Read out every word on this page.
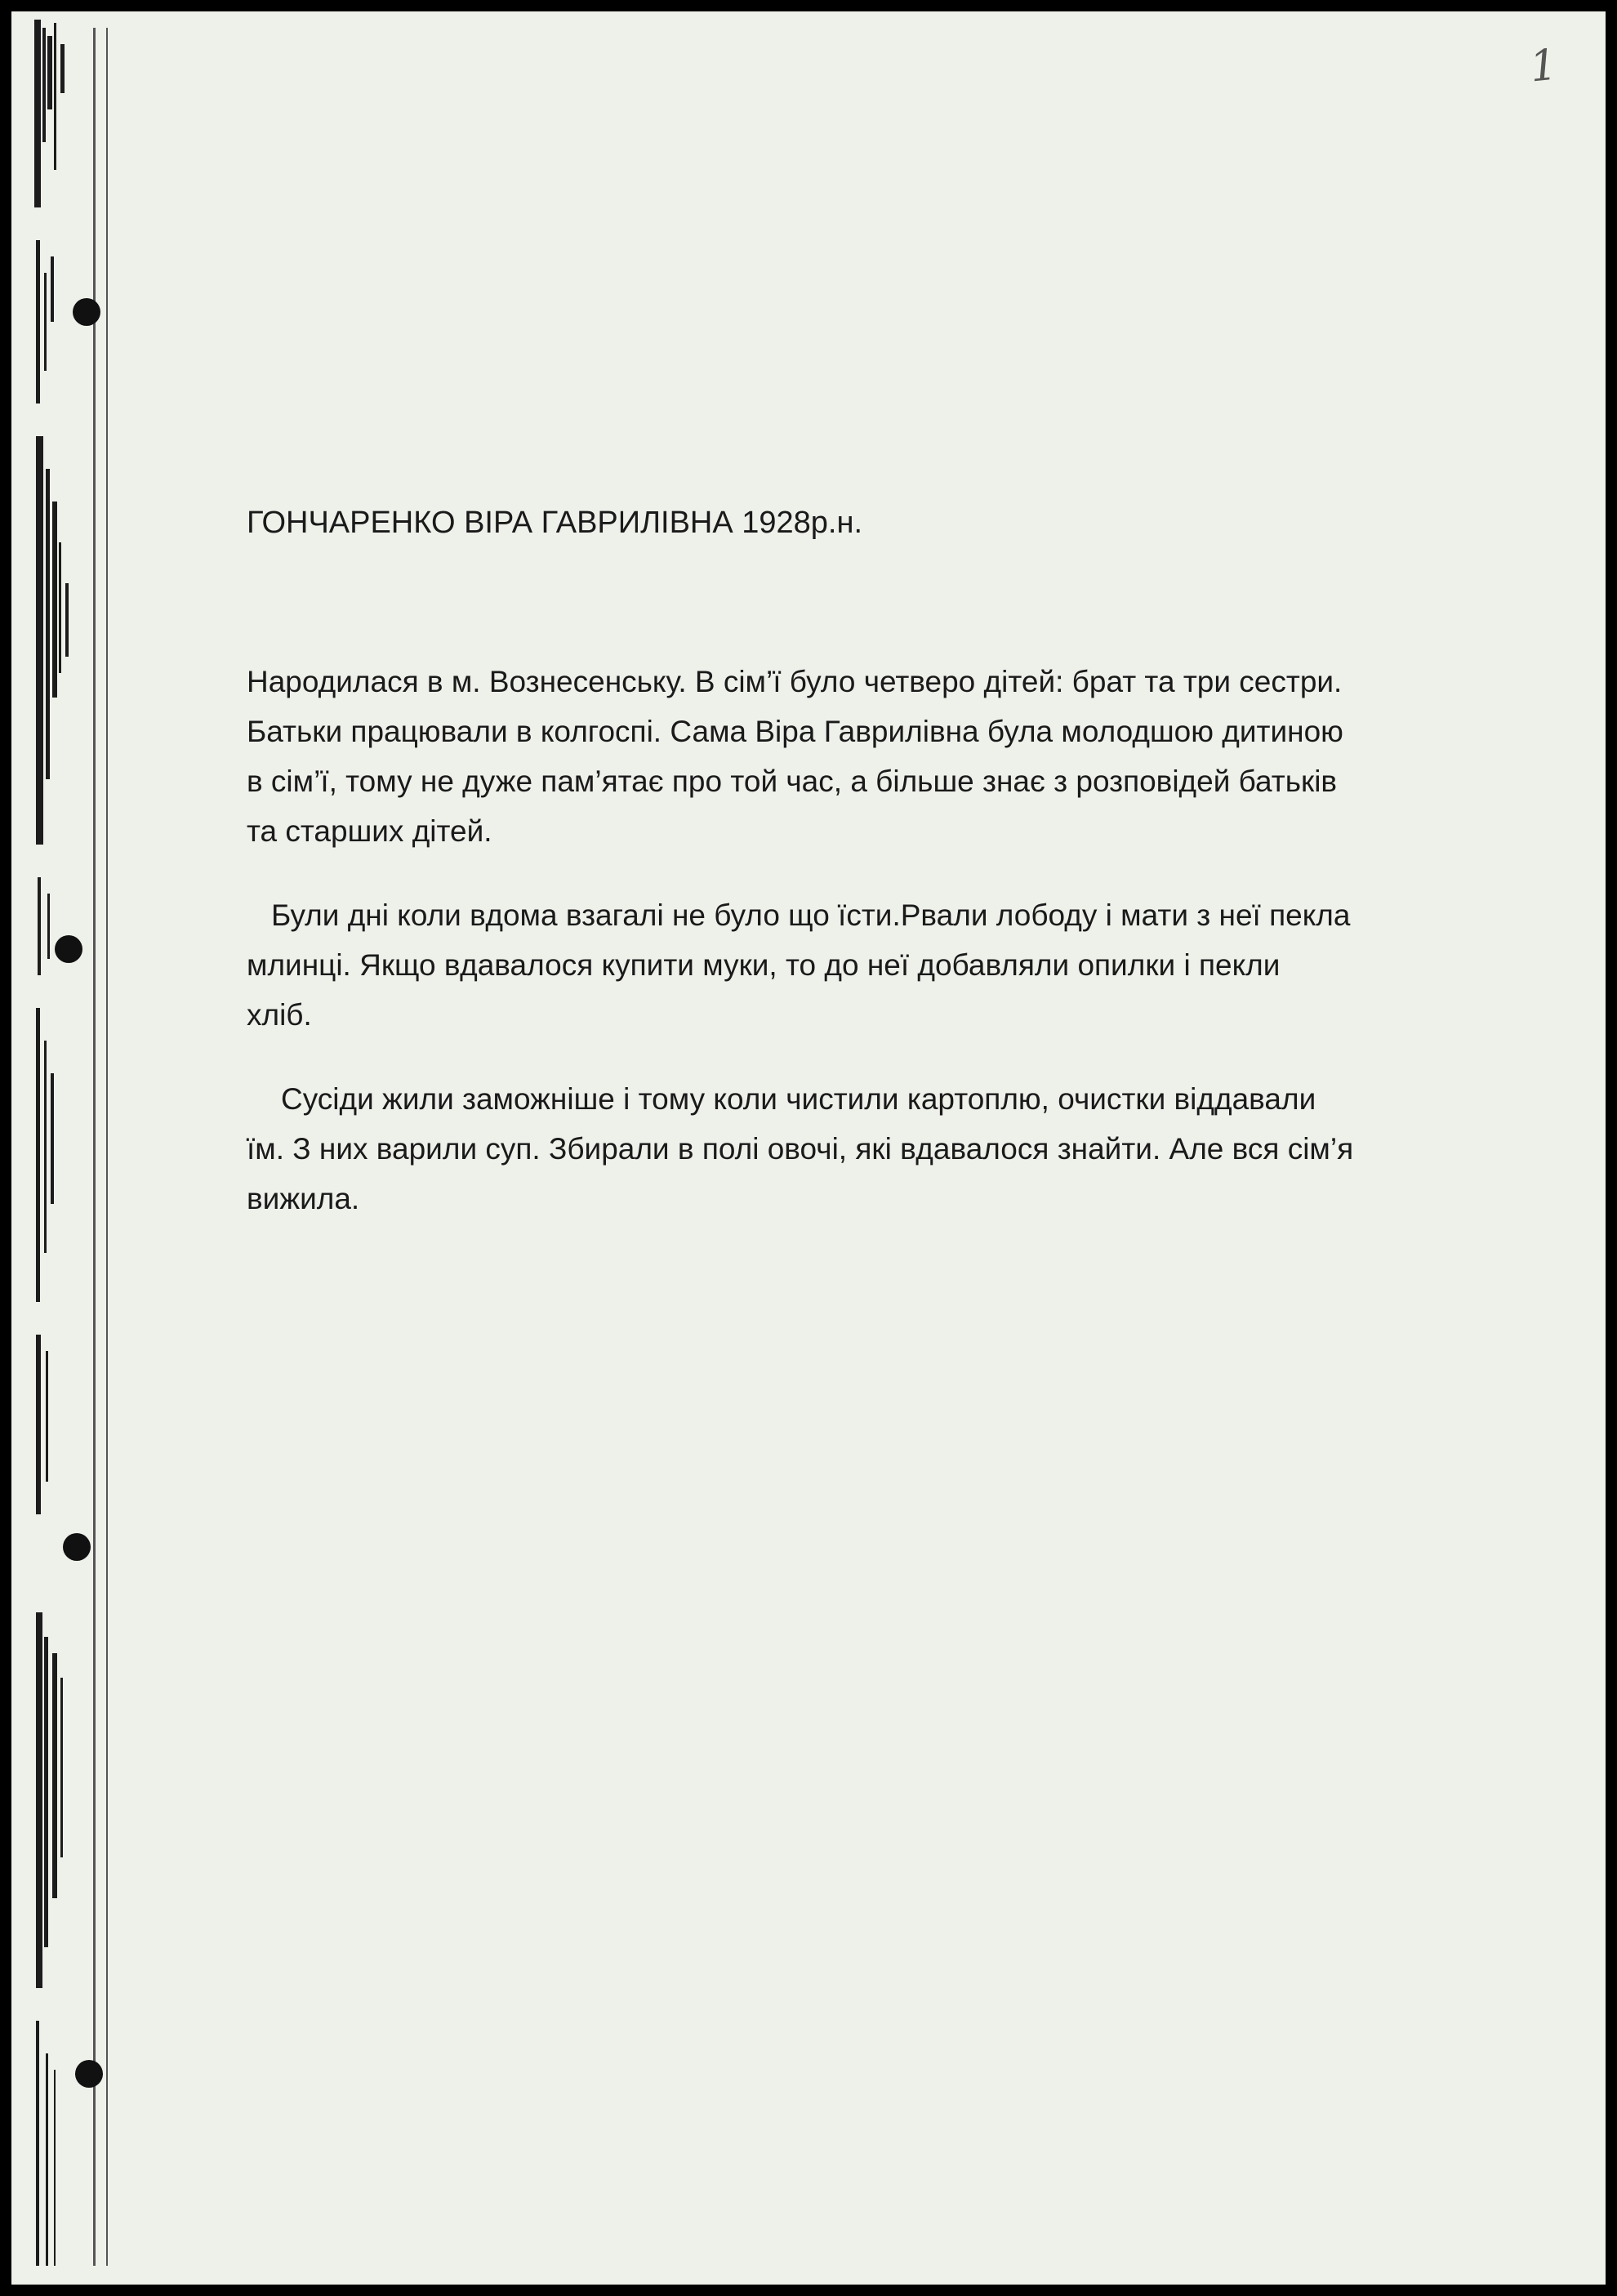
1
ГОНЧАРЕНКО ВІРА ГАВРИЛІВНА 1928р.н.

Народилася в м. Вознесенську. В сім’ї було четверо дітей: брат та три сестри.
Батьки працювали в колгоспі. Сама Віра Гаврилівна була молодшою дитиною
в сім’ї, тому не дуже пам’ятає про той час, а більше знає з розповідей батьків
та старших дітей.

Були дні коли вдома взагалі не було що їсти.Рвали лободу і мати з неї пекла
млинці. Якщо вдавалося купити муки, то до неї добавляли опилки і пекли
хліб.

Сусіди жили заможніше і тому коли чистили картоплю, очистки віддавали
їм. З них варили суп. Збирали в полі овочі, які вдавалося знайти. Але вся сім’я
вижила.
